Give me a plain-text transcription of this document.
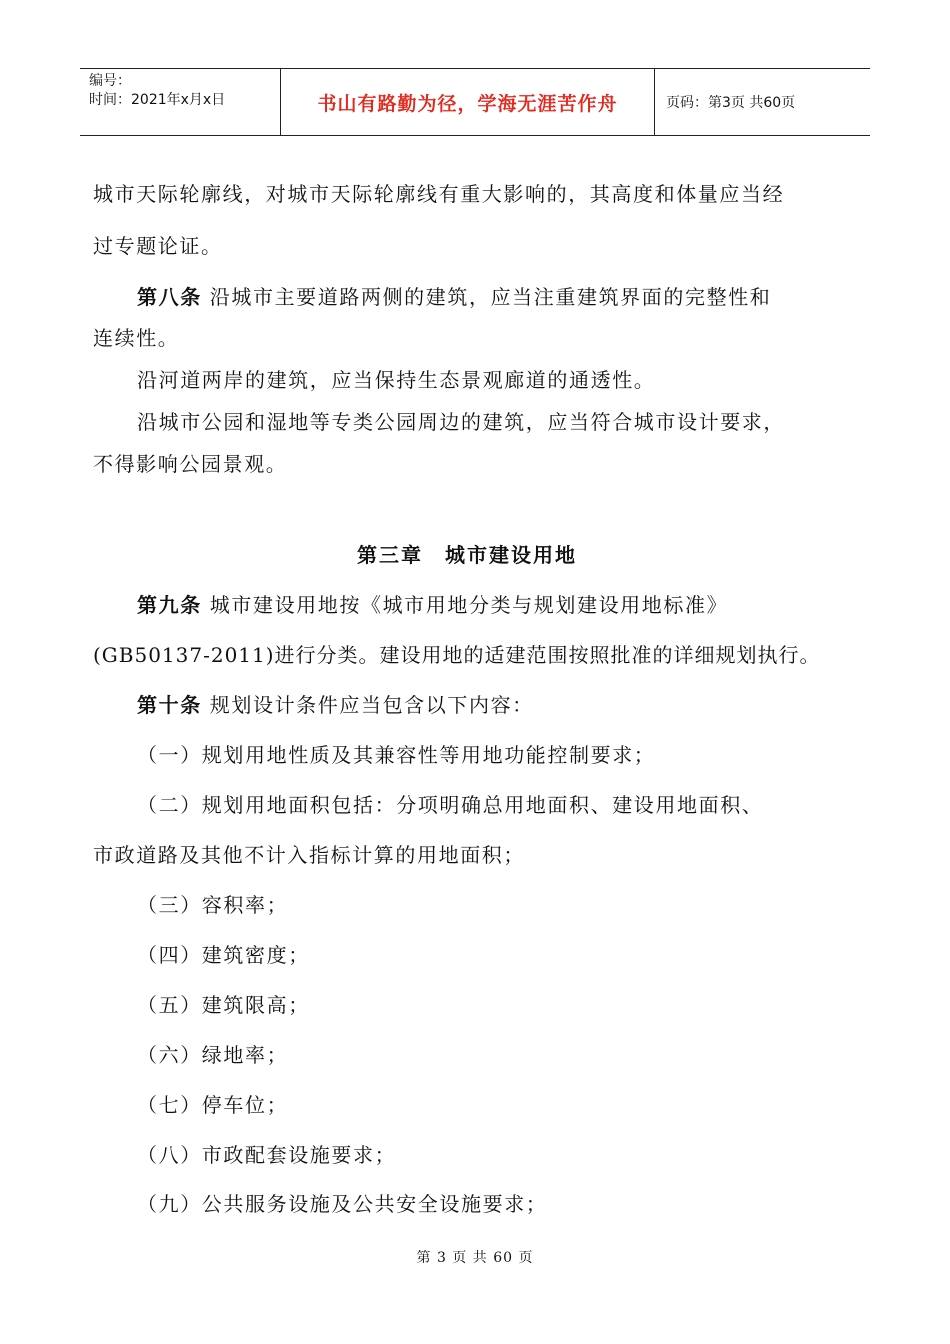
编号：
时间：2021年x月x日	书山有路勤为径，学海无涯苦作舟	页码：第3页 共60页
城市天际轮廓线，对城市天际轮廓线有重大影响的，其高度和体量应当经
过专题论证。
第八条 沿城市主要道路两侧的建筑，应当注重建筑界面的完整性和
连续性。
沿河道两岸的建筑，应当保持生态景观廊道的通透性。
沿城市公园和湿地等专类公园周边的建筑，应当符合城市设计要求，
不得影响公园景观。
第三章　城市建设用地
第九条 城市建设用地按《城市用地分类与规划建设用地标准》
(GB50137-2011)进行分类。建设用地的适建范围按照批准的详细规划执行。
第十条 规划设计条件应当包含以下内容：
（一）规划用地性质及其兼容性等用地功能控制要求；
（二）规划用地面积包括：分项明确总用地面积、建设用地面积、
市政道路及其他不计入指标计算的用地面积；
（三）容积率；
（四）建筑密度；
（五）建筑限高；
（六）绿地率；
（七）停车位；
（八）市政配套设施要求；
（九）公共服务设施及公共安全设施要求；
第 3 页 共 60 页
